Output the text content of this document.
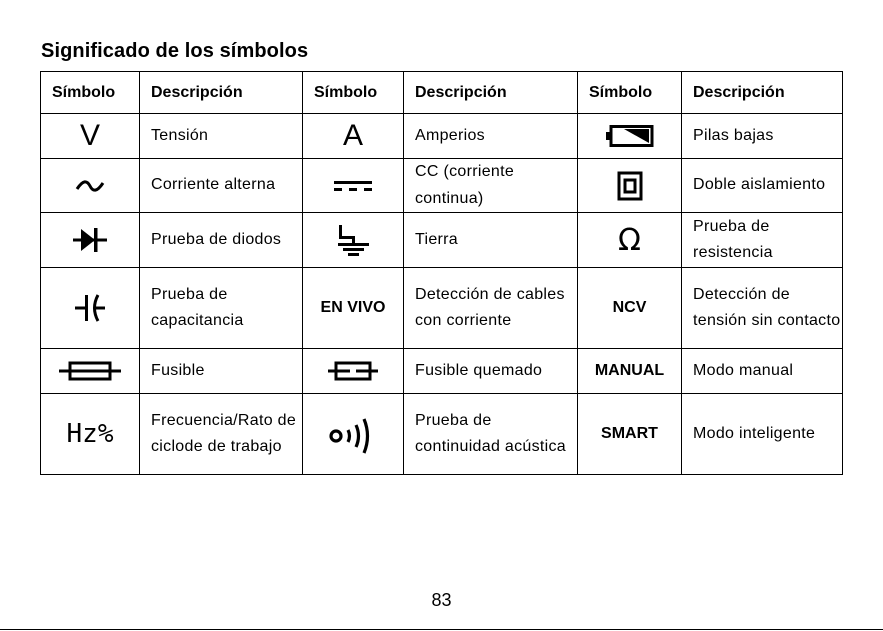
Significado de los símbolos
Símbolo	Descripción	Símbolo	Descripción	Símbolo	Descripción
V	Tensión	A	Amperios		Pilas bajas

	Corriente alterna		CC (corriente continua)		Doble aislamiento

	Prueba de diodos		Tierra	Ω	Prueba de resistencia

	Prueba de capacitancia	EN VIVO	Detección de cables con corriente	NCV	Detección de tensión sin contacto

	Fusible		Fusible quemado	MANUAL	Modo manual
Hz%	Frecuencia/Rato de ciclode de trabajo		Prueba de continuidad acústica	SMART	Modo inteligente
83
